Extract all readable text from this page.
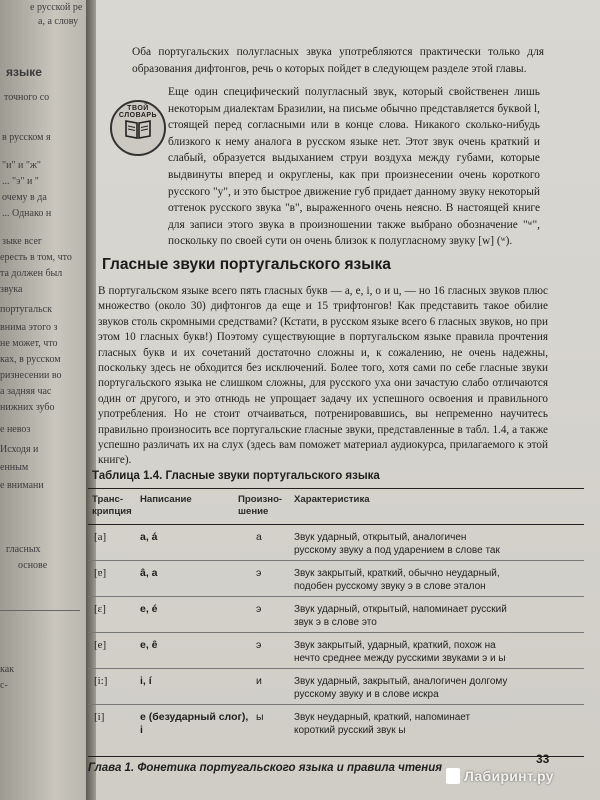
е русской ре
а, а слову
языке
точного со
в русском я
"и" и "ж"
... "э" и "
очему в да
... Однако н
зыке всег
ересть в том, что
та должен был
звука
португальск
внима этого з
не может, что
ках, в русском
ризнесении во
а задняя час
нижних зубо
е невоз
Исходя и
енным
е внимани
гласных
основе
как
с-

Оба португальских полугласных звука употребляются практически только для образования дифтонгов, речь о которых пойдет в следующем разделе этой главы.

ТВОЙ СЛОВАРЬ

Еще один специфический полугласный звук, который свойственен лишь некоторым диалектам Бразилии, на письме обычно представляется буквой l, стоящей перед согласными или в конце слова. Никакого сколько-нибудь близкого к нему аналога в русском языке нет. Этот звук очень краткий и слабый, образуется выдыханием струи воздуха между губами, которые выдвинуты вперед и округлены, как при произнесении очень короткого русского "у", и это быстрое движение губ придает данному звуку некоторый оттенок русского звука "в", выраженного очень неясно. В настоящей книге для записи этого звука в произношении также выбрано обозначение "ʷ", поскольку по своей сути он очень близок к полугласному звуку [w] (ʷ).

Гласные звуки португальского языка

В португальском языке всего пять гласных букв — a, e, i, o и u, — но 16 гласных звуков плюс множество (около 30) дифтонгов да еще и 15 трифтонгов! Как представить такое обилие звуков столь скромными средствами? (Кстати, в русском языке всего 6 гласных звуков, но при этом 10 гласных букв!) Поэтому существующие в португальском языке правила прочтения гласных букв и их сочетаний достаточно сложны и, к сожалению, не очень надежны, поскольку здесь не обходится без исключений. Более того, хотя сами по себе гласные звуки португальского языка не слишком сложны, для русского уха они зачастую слабо отличаются один от другого, и это отнюдь не упрощает задачу их успешного освоения и правильного употребления. Но не стоит отчаиваться, потренировавшись, вы непременно научитесь правильно произносить все португальские гласные звуки, представленные в табл. 1.4, а также успешно различать их на слух (здесь вам поможет материал аудиокурса, прилагаемого к этой книге).

Таблица 1.4. Гласные звуки португальского языка
Транс-
крипция
Написание	Произно-
шение
Характеристика
[a]	a, á	а	Звук ударный, открытый, аналогичен русскому звуку а под ударением в слове так
[ɐ]	â, a	э	Звук закрытый, краткий, обычно неударный, подобен русскому звуку э в слове эталон
[ɛ]	e, é	э	Звук ударный, открытый, напоминает русский звук э в слове это
[e]	e, ê	э	Звук закрытый, ударный, краткий, похож на нечто среднее между русскими звуками э и ы
[i:]	i, í	и	Звук ударный, закрытый, аналогичен долгому русскому звуку и в слове искра
[i]	e (безударный слог),
i
ы	Звук неударный, краткий, напоминает короткий русский звук ы
33
Глава 1. Фонетика португальского языка и правила чтения Лабиринт.ру
